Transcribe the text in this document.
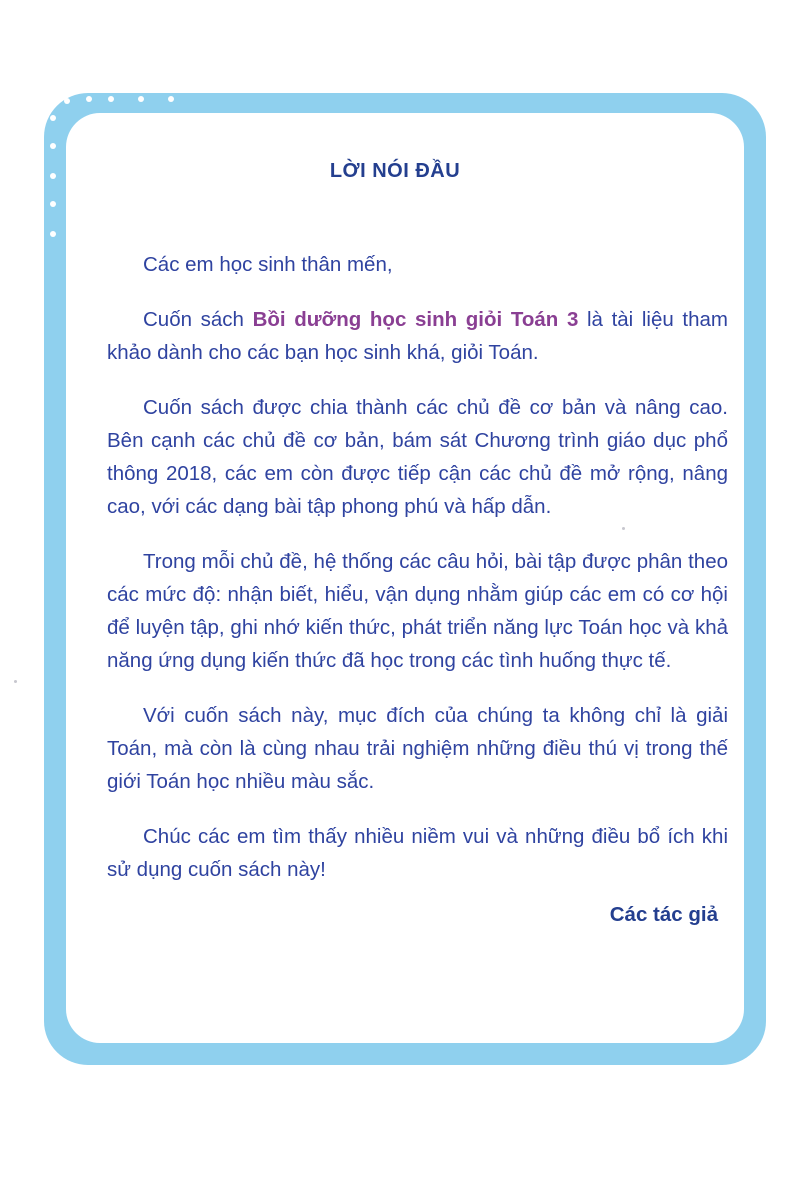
LỜI NÓI ĐẦU

Các em học sinh thân mến,

Cuốn sách Bồi dưỡng học sinh giỏi Toán 3 là tài liệu tham khảo dành cho các bạn học sinh khá, giỏi Toán.

Cuốn sách được chia thành các chủ đề cơ bản và nâng cao. Bên cạnh các chủ đề cơ bản, bám sát Chương trình giáo dục phổ thông 2018, các em còn được tiếp cận các chủ đề mở rộng, nâng cao, với các dạng bài tập phong phú và hấp dẫn.

Trong mỗi chủ đề, hệ thống các câu hỏi, bài tập được phân theo các mức độ: nhận biết, hiểu, vận dụng nhằm giúp các em có cơ hội để luyện tập, ghi nhớ kiến thức, phát triển năng lực Toán học và khả năng ứng dụng kiến thức đã học trong các tình huống thực tế.

Với cuốn sách này, mục đích của chúng ta không chỉ là giải Toán, mà còn là cùng nhau trải nghiệm những điều thú vị trong thế giới Toán học nhiều màu sắc.

Chúc các em tìm thấy nhiều niềm vui và những điều bổ ích khi sử dụng cuốn sách này!

Các tác giả
